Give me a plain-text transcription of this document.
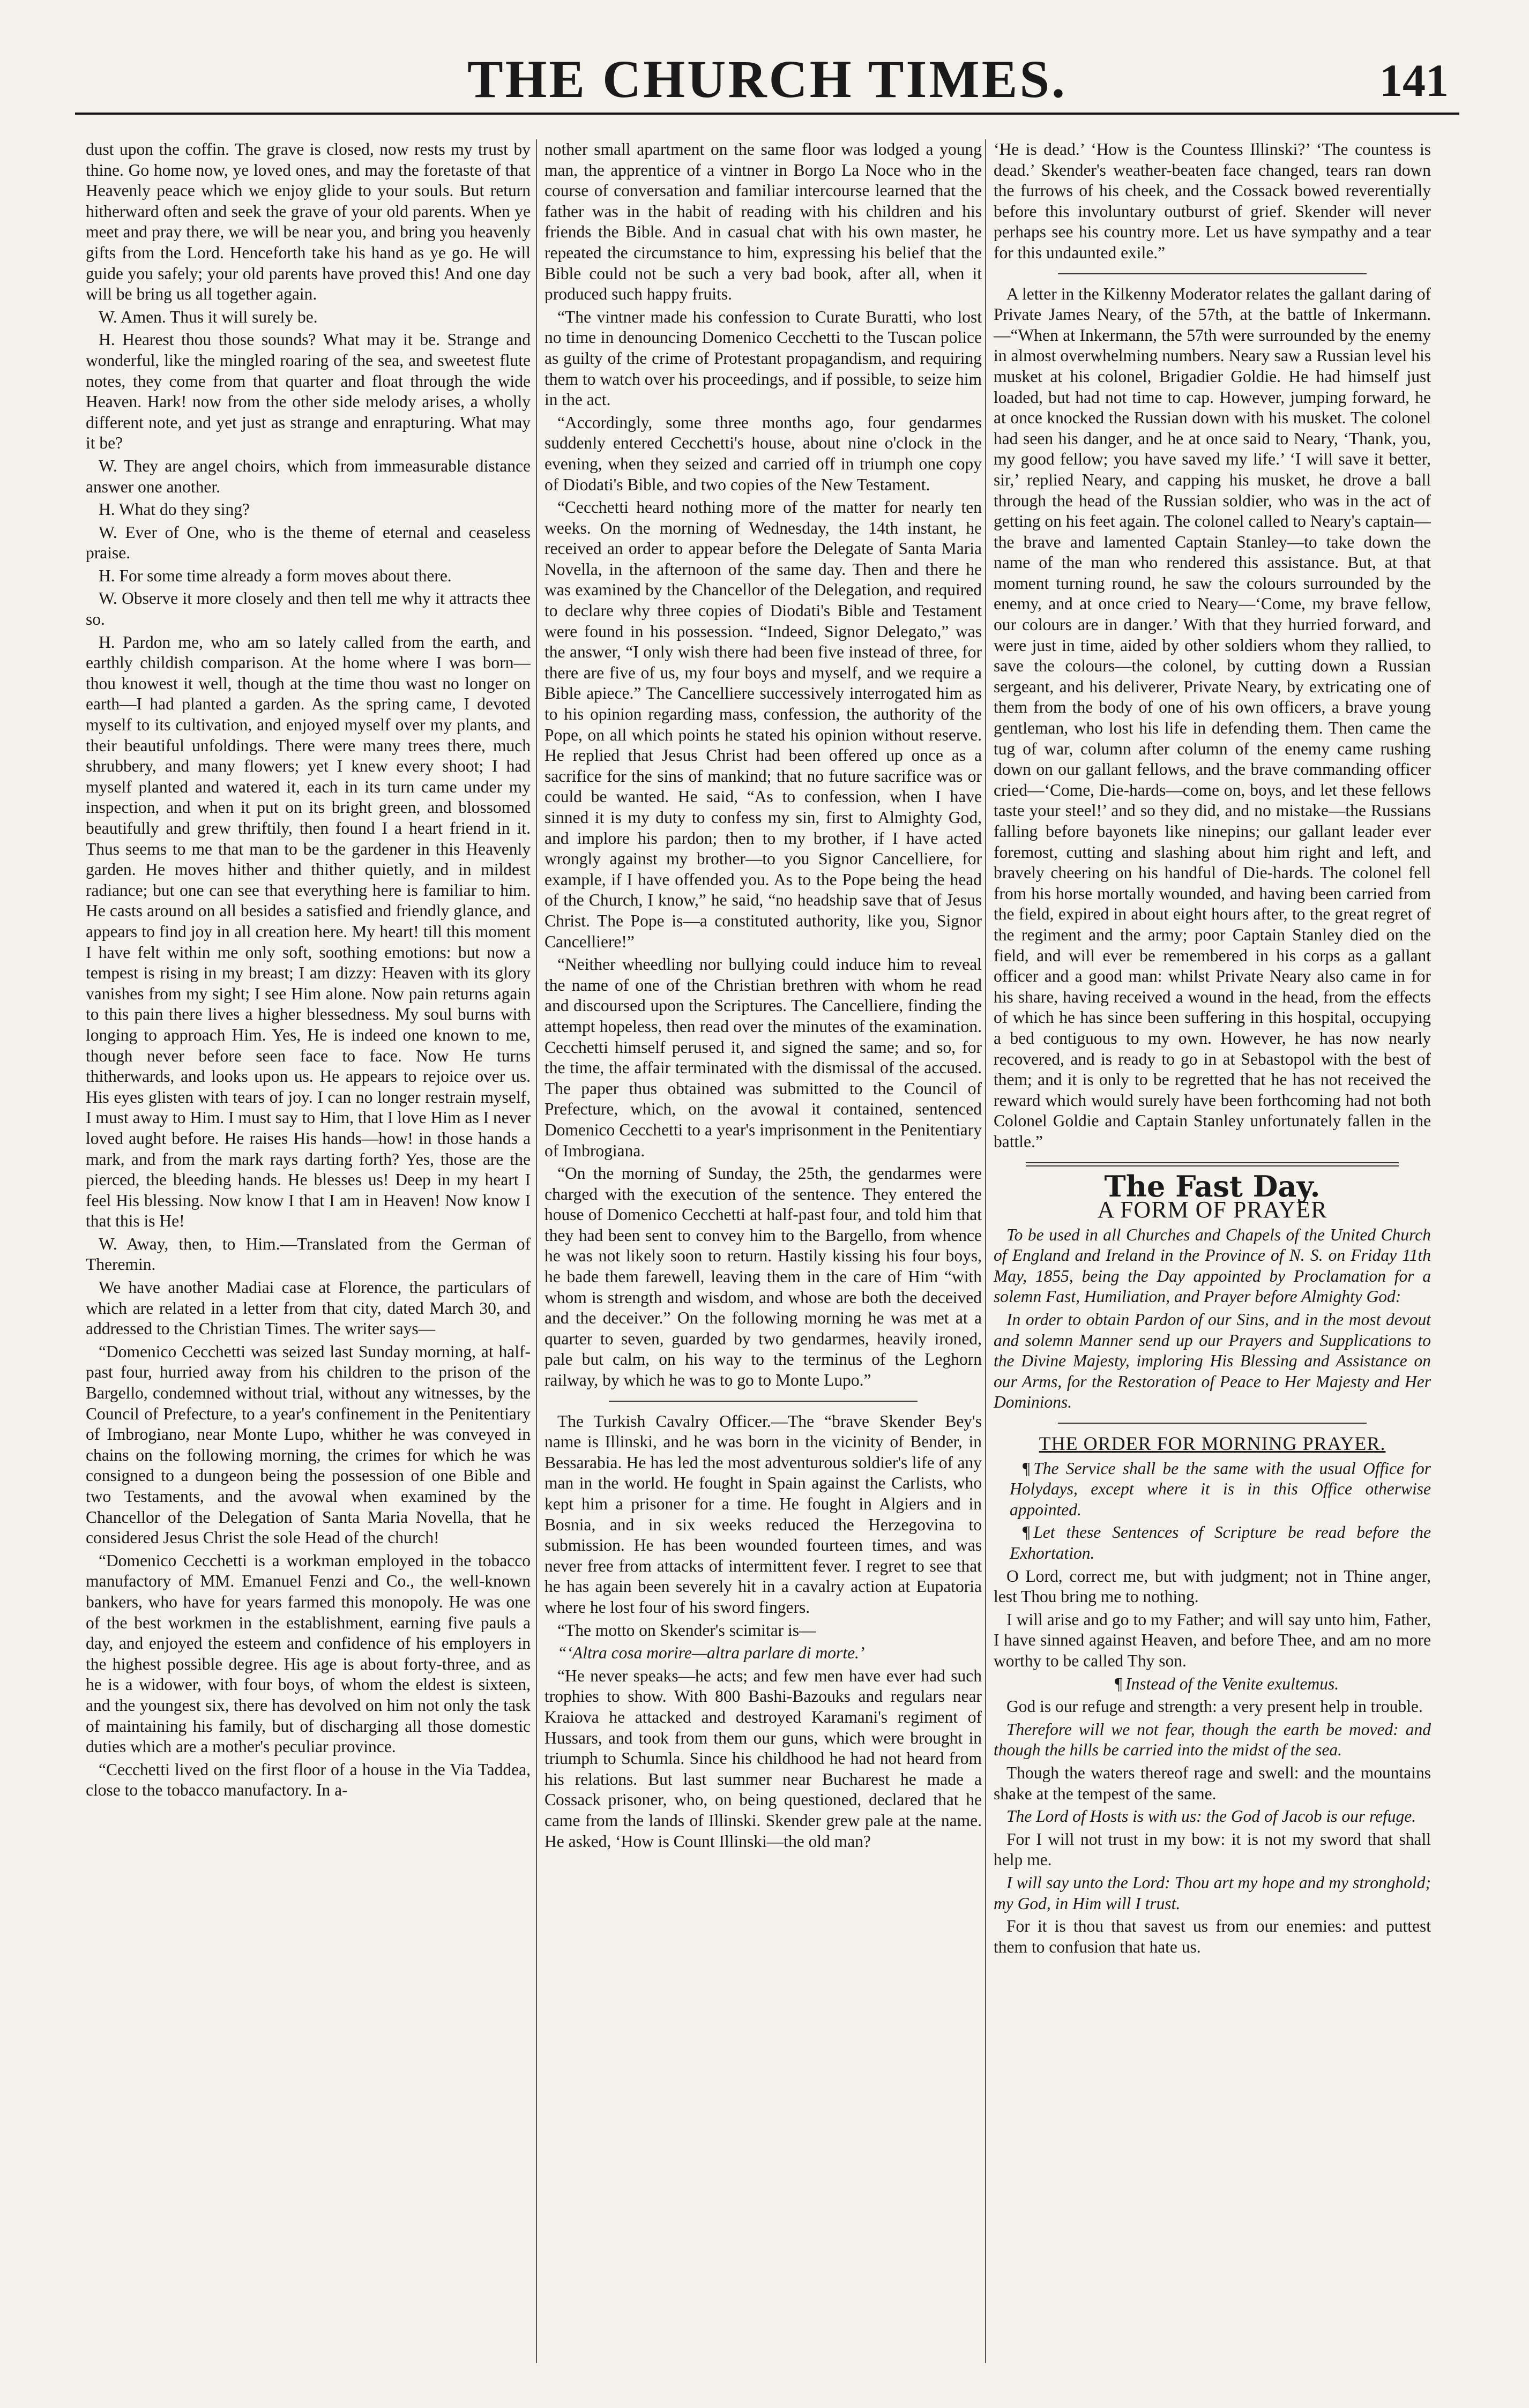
THE CHURCH TIMES.	141

dust upon the coffin. The grave is closed, now rests my trust by thine. Go home now, ye loved ones, and may the foretaste of that Heavenly peace which we enjoy glide to your souls. But return hitherward often and seek the grave of your old parents. When ye meet and pray there, we will be near you, and bring you heavenly gifts from the Lord. Henceforth take his hand as ye go. He will guide you safely; your old parents have proved this! And one day will be bring us all together again.

W. Amen. Thus it will surely be.

H. Hearest thou those sounds? What may it be. Strange and wonderful, like the mingled roaring of the sea, and sweetest flute notes, they come from that quarter and float through the wide Heaven. Hark! now from the other side melody arises, a wholly different note, and yet just as strange and enrapturing. What may it be?

W. They are angel choirs, which from immeasurable distance answer one another.

H. What do they sing?

W. Ever of One, who is the theme of eternal and ceaseless praise.

H. For some time already a form moves about there.

W. Observe it more closely and then tell me why it attracts thee so.

H. Pardon me, who am so lately called from the earth, and earthly childish comparison. At the home where I was born—thou knowest it well, though at the time thou wast no longer on earth—I had planted a garden. As the spring came, I devoted myself to its cultivation, and enjoyed myself over my plants, and their beautiful unfoldings. There were many trees there, much shrubbery, and many flowers; yet I knew every shoot; I had myself planted and watered it, each in its turn came under my inspection, and when it put on its bright green, and blossomed beautifully and grew thriftily, then found I a heart friend in it. Thus seems to me that man to be the gardener in this Heavenly garden. He moves hither and thither quietly, and in mildest radiance; but one can see that everything here is familiar to him. He casts around on all besides a satisfied and friendly glance, and appears to find joy in all creation here. My heart! till this moment I have felt within me only soft, soothing emotions: but now a tempest is rising in my breast; I am dizzy: Heaven with its glory vanishes from my sight; I see Him alone. Now pain returns again to this pain there lives a higher blessedness. My soul burns with longing to approach Him. Yes, He is indeed one known to me, though never before seen face to face. Now He turns thitherwards, and looks upon us. He appears to rejoice over us. His eyes glisten with tears of joy. I can no longer restrain myself, I must away to Him. I must say to Him, that I love Him as I never loved aught before. He raises His hands—how! in those hands a mark, and from the mark rays darting forth? Yes, those are the pierced, the bleeding hands. He blesses us! Deep in my heart I feel His blessing. Now know I that I am in Heaven! Now know I that this is He!

W. Away, then, to Him.—Translated from the German of Theremin.

We have another Madiai case at Florence, the particulars of which are related in a letter from that city, dated March 30, and addressed to the Christian Times. The writer says—

“Domenico Cecchetti was seized last Sunday morning, at half-past four, hurried away from his children to the prison of the Bargello, condemned without trial, without any witnesses, by the Council of Prefecture, to a year's confinement in the Penitentiary of Imbrogiano, near Monte Lupo, whither he was conveyed in chains on the following morning, the crimes for which he was consigned to a dungeon being the possession of one Bible and two Testaments, and the avowal when examined by the Chancellor of the Delegation of Santa Maria Novella, that he considered Jesus Christ the sole Head of the church!

“Domenico Cecchetti is a workman employed in the tobacco manufactory of MM. Emanuel Fenzi and Co., the well-known bankers, who have for years farmed this monopoly. He was one of the best workmen in the establishment, earning five pauls a day, and enjoyed the esteem and confidence of his employers in the highest possible degree. His age is about forty-three, and as he is a widower, with four boys, of whom the eldest is sixteen, and the youngest six, there has devolved on him not only the task of maintaining his family, but of discharging all those domestic duties which are a mother's peculiar province.

“Cecchetti lived on the first floor of a house in the Via Taddea, close to the tobacco manufactory. In a-

nother small apartment on the same floor was lodged a young man, the apprentice of a vintner in Borgo La Noce who in the course of conversation and familiar intercourse learned that the father was in the habit of reading with his children and his friends the Bible. And in casual chat with his own master, he repeated the circumstance to him, expressing his belief that the Bible could not be such a very bad book, after all, when it produced such happy fruits.

“The vintner made his confession to Curate Buratti, who lost no time in denouncing Domenico Cecchetti to the Tuscan police as guilty of the crime of Protestant propagandism, and requiring them to watch over his proceedings, and if possible, to seize him in the act.

“Accordingly, some three months ago, four gendarmes suddenly entered Cecchetti's house, about nine o'clock in the evening, when they seized and carried off in triumph one copy of Diodati's Bible, and two copies of the New Testament.

“Cecchetti heard nothing more of the matter for nearly ten weeks. On the morning of Wednesday, the 14th instant, he received an order to appear before the Delegate of Santa Maria Novella, in the afternoon of the same day. Then and there he was examined by the Chancellor of the Delegation, and required to declare why three copies of Diodati's Bible and Testament were found in his possession. “Indeed, Signor Delegato,” was the answer, “I only wish there had been five instead of three, for there are five of us, my four boys and myself, and we require a Bible apiece.” The Cancelliere successively interrogated him as to his opinion regarding mass, confession, the authority of the Pope, on all which points he stated his opinion without reserve. He replied that Jesus Christ had been offered up once as a sacrifice for the sins of mankind; that no future sacrifice was or could be wanted. He said, “As to confession, when I have sinned it is my duty to confess my sin, first to Almighty God, and implore his pardon; then to my brother, if I have acted wrongly against my brother—to you Signor Cancelliere, for example, if I have offended you. As to the Pope being the head of the Church, I know,” he said, “no headship save that of Jesus Christ. The Pope is—a constituted authority, like you, Signor Cancelliere!”

“Neither wheedling nor bullying could induce him to reveal the name of one of the Christian brethren with whom he read and discoursed upon the Scriptures. The Cancelliere, finding the attempt hopeless, then read over the minutes of the examination. Cecchetti himself perused it, and signed the same; and so, for the time, the affair terminated with the dismissal of the accused. The paper thus obtained was submitted to the Council of Prefecture, which, on the avowal it contained, sentenced Domenico Cecchetti to a year's imprisonment in the Penitentiary of Imbrogiana.

“On the morning of Sunday, the 25th, the gendarmes were charged with the execution of the sentence. They entered the house of Domenico Cecchetti at half-past four, and told him that they had been sent to convey him to the Bargello, from whence he was not likely soon to return. Hastily kissing his four boys, he bade them farewell, leaving them in the care of Him “with whom is strength and wisdom, and whose are both the deceived and the deceiver.” On the following morning he was met at a quarter to seven, guarded by two gendarmes, heavily ironed, pale but calm, on his way to the terminus of the Leghorn railway, by which he was to go to Monte Lupo.”

The Turkish Cavalry Officer.—The “brave Skender Bey's name is Illinski, and he was born in the vicinity of Bender, in Bessarabia. He has led the most adventurous soldier's life of any man in the world. He fought in Spain against the Carlists, who kept him a prisoner for a time. He fought in Algiers and in Bosnia, and in six weeks reduced the Herzegovina to submission. He has been wounded fourteen times, and was never free from attacks of intermittent fever. I regret to see that he has again been severely hit in a cavalry action at Eupatoria where he lost four of his sword fingers.

“The motto on Skender's scimitar is—

“‘Altra cosa morire—altra parlare di morte.’

“He never speaks—he acts; and few men have ever had such trophies to show. With 800 Bashi-Bazouks and regulars near Kraiova he attacked and destroyed Karamani's regiment of Hussars, and took from them our guns, which were brought in triumph to Schumla. Since his childhood he had not heard from his relations. But last summer near Bucharest he made a Cossack prisoner, who, on being questioned, declared that he came from the lands of Illinski. Skender grew pale at the name. He asked, ‘How is Count Illinski—the old man?

‘He is dead.’ ‘How is the Countess Illinski?’ ‘The countess is dead.’ Skender's weather-beaten face changed, tears ran down the furrows of his cheek, and the Cossack bowed reverentially before this involuntary outburst of grief. Skender will never perhaps see his country more. Let us have sympathy and a tear for this undaunted exile.”

A letter in the Kilkenny Moderator relates the gallant daring of Private James Neary, of the 57th, at the battle of Inkermann.—“When at Inkermann, the 57th were surrounded by the enemy in almost overwhelming numbers. Neary saw a Russian level his musket at his colonel, Brigadier Goldie. He had himself just loaded, but had not time to cap. However, jumping forward, he at once knocked the Russian down with his musket. The colonel had seen his danger, and he at once said to Neary, ‘Thank, you, my good fellow; you have saved my life.’ ‘I will save it better, sir,’ replied Neary, and capping his musket, he drove a ball through the head of the Russian soldier, who was in the act of getting on his feet again. The colonel called to Neary's captain—the brave and lamented Captain Stanley—to take down the name of the man who rendered this assistance. But, at that moment turning round, he saw the colours surrounded by the enemy, and at once cried to Neary—‘Come, my brave fellow, our colours are in danger.’ With that they hurried forward, and were just in time, aided by other soldiers whom they rallied, to save the colours—the colonel, by cutting down a Russian sergeant, and his deliverer, Private Neary, by extricating one of them from the body of one of his own officers, a brave young gentleman, who lost his life in defending them. Then came the tug of war, column after column of the enemy came rushing down on our gallant fellows, and the brave commanding officer cried—‘Come, Die-hards—come on, boys, and let these fellows taste your steel!’ and so they did, and no mistake—the Russians falling before bayonets like ninepins; our gallant leader ever foremost, cutting and slashing about him right and left, and bravely cheering on his handful of Die-hards. The colonel fell from his horse mortally wounded, and having been carried from the field, expired in about eight hours after, to the great regret of the regiment and the army; poor Captain Stanley died on the field, and will ever be remembered in his corps as a gallant officer and a good man: whilst Private Neary also came in for his share, having received a wound in the head, from the effects of which he has since been suffering in this hospital, occupying a bed contiguous to my own. However, he has now nearly recovered, and is ready to go in at Sebastopol with the best of them; and it is only to be regretted that he has not received the reward which would surely have been forthcoming had not both Colonel Goldie and Captain Stanley unfortunately fallen in the battle.”

The Fast Day.
A FORM OF PRAYER

To be used in all Churches and Chapels of the United Church of England and Ireland in the Province of N. S. on Friday 11th May, 1855, being the Day appointed by Proclamation for a solemn Fast, Humiliation, and Prayer before Almighty God:

In order to obtain Pardon of our Sins, and in the most devout and solemn Manner send up our Prayers and Supplications to the Divine Majesty, imploring His Blessing and Assistance on our Arms, for the Restoration of Peace to Her Majesty and Her Dominions.

THE ORDER FOR MORNING PRAYER.

¶ The Service shall be the same with the usual Office for Holydays, except where it is in this Office otherwise appointed.

¶ Let these Sentences of Scripture be read before the Exhortation.

O Lord, correct me, but with judgment; not in Thine anger, lest Thou bring me to nothing.

I will arise and go to my Father; and will say unto him, Father, I have sinned against Heaven, and before Thee, and am no more worthy to be called Thy son.

¶ Instead of the Venite exultemus.

God is our refuge and strength: a very present help in trouble.

Therefore will we not fear, though the earth be moved: and though the hills be carried into the midst of the sea.

Though the waters thereof rage and swell: and the mountains shake at the tempest of the same.

The Lord of Hosts is with us: the God of Jacob is our refuge.

For I will not trust in my bow: it is not my sword that shall help me.

I will say unto the Lord: Thou art my hope and my stronghold; my God, in Him will I trust.

For it is thou that savest us from our enemies: and puttest them to confusion that hate us.
